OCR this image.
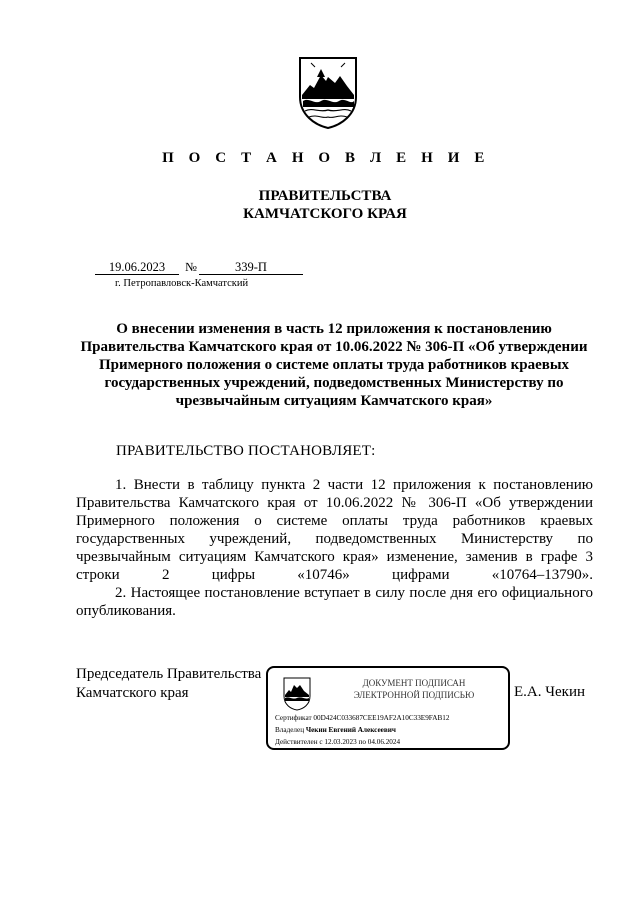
П О С Т А Н О В Л Е Н И Е
ПРАВИТЕЛЬСТВА
КАМЧАТСКОГО КРАЯ
19.06.2023 №	339-П
г. Петропавловск-Камчатский
О внесении изменения в часть 12 приложения к постановлению Правительства Камчатского края от 10.06.2022 № 306-П «Об утверждении Примерного положения о системе оплаты труда работников краевых государственных учреждений, подведомственных Министерству по чрезвычайным ситуациям Камчатского края»
ПРАВИТЕЛЬСТВО ПОСТАНОВЛЯЕТ:

1. Внести в таблицу пункта 2 части 12 приложения к постановлению Правительства Камчатского края от 10.06.2022 № 306-П «Об утверждении Примерного положения о системе оплаты труда работников краевых государственных учреждений, подведомственных Министерству по чрезвычайным ситуациям Камчатского края» изменение, заменив в графе 3 строки 2 цифры «10746» цифрами «10764–13790».

2. Настоящее постановление вступает в силу после дня его официального опубликования.

Председатель Правительства
Камчатского края
ДОКУМЕНТ ПОДПИСАН
ЭЛЕКТРОННОЙ ПОДПИСЬЮ
Сертификат 00D424C033687CEE19AF2A10C33E9FAB12
Владелец Чекин Евгений Алексеевич
Действителен с 12.03.2023 по 04.06.2024
Е.А. Чекин
